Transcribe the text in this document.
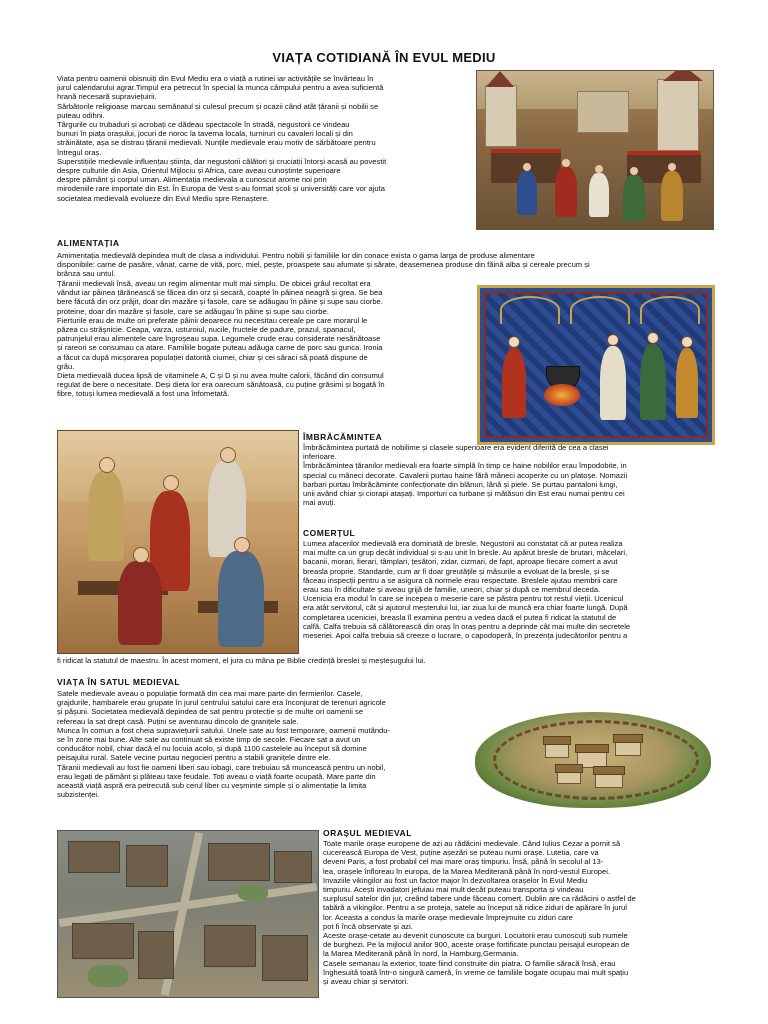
VIAȚA COTIDIANĂ ÎN EVUL MEDIU
Viata pentru oamenii obisnuiți din Evul Mediu era o viață a rutinei iar activitățile se învârteau în
jurul calendarului agrar.Timpul era petrecut în special la munca câmpului pentru a avea suficientă
hrană necesară supraviețuirii.
Sărbătorile religioase marcau semănatul și culesul precum și ocazii când atât țăranii și nobilii se
puteau odihni.
Târgurile cu trubaduri și acrobați ce dădeau spectacole în stradă, negustorii ce vindeau
bunuri în piața orașului, jocuri de noroc la taverna locala, turniruri cu cavaleri locali și din
străinătate, așa se distrau țăranii medievali. Nunțile medievale erau motiv de sărbătoare pentru
întregul oraș.
Superstițiile medievale influențau știința, dar negustorii călători și cruciații întorși acasă au povestit
despre culturile din Asia, Orientul Mijlociu și Africa, care aveau cunoștințe superioare
despre pământ și corpul uman. Alimentația medievala a cunoscut arome noi prin
mirodeniile rare importate din Est. În Europa de Vest s-au format școli și universități care vor ajuta
societatea medievală evolueze din Evul Mediu spre Renaștere.
ALIMENTAȚIA
Amimentația medievală depindea mult de clasa a individului. Pentru nobili și familiile lor din conace exista o gama larga de produse alimentare
disponibile: carne de pasăre, vânat, carne de vită, porc, miel, pește, proaspete sau afumate și sărate, deasemenea produse din făină alba și cereale precum și
brânza sau untul.
Țăranii medievali însă, aveau un regim alimentar mult mai simplu. De obicei grâul recoltat era
vândut iar pâinea țărănească se făcea din orz și secară, coapte în pâinea neagră și grea. Se bea
bere făcută din orz prăjit, doar din mazăre și fasole, care se adăugau în pâine și supe sau ciorbe.
proteine, doar din mazăre și fasole, care se adăugau în pâine și supe sau ciorbe.
Fierturile erau de multe ori preferate pâinii deoarece nu necesitau cereale pe care morarul le
păzea cu străşnicie. Ceapa, varza, usturoiul, nucile, fructele de padure, prazul, spanacul,
patrunjelul erau alimentele care îngroșeau supa. Legumele crude erau considerate nesănătoase
și rareori se consumau ca atare. Familiile bogate puteau adăuga carne de porc sau gunca. Ironia
a făcut ca după micșorarea populației datorită ciumei, chiar și cei săraci să poată dispune de
grâu.
Dieta medievală ducea lipsă de vitaminele A, C și D și nu avea multe calorii, făcând din consumul
regulat de bere o necesitate. Deși dieta lor era oarecum sănătoasă, cu puține grăsimi și bogată în
fibre, totuși lumea medievală a fost una înfometată.
ÎMBRĂCĂMINTEA
Îmbrăcămintea purtată de nobilime și clasele superioare era evident diferită de cea a clasei
inferioare.
Îmbrăcămintea țăranilor medievali era foarte simplă în timp ce haine nobililor erau împodobite, in
special cu mâneci decorate. Cavalerii purtau haine fără mâneci acoperite cu un platoșe. Nomazii
barbari purtau îmbrăcăminte confecționate din blănuri, lână și piele. Se purtau pantaloni lungi,
unii având chiar și ciorapi atașați. Importuri ca turbane și mătăsuri din Est erau numai pentru cei
mai avuți.
COMERȚUL
Lumea afacerilor medievală era dominată de bresle. Negustorii au constatat că ar putea realiza
mai multe ca un grup decât individual și s-au unit în bresle. Au apărut bresle de brutari, măcelari,
bacanii, morari, fierari, tâmplari, țesători, zidar, cizmari, de fapt, aproape fiecare comert a avut
breasla proprie. Standarde, cum ar fi doar greutățile și măsurile a evoluat de la bresle, și se
făceau inspecții pentru a se asigura că normele erau respectate. Breslele ajutau membrii care
erau sau în dificultate și aveau grijă de familie, uneori, chiar și după ce membrul deceda.
Ucenicia era modul în care se incepea o meserie care se păstra pentru tot restul vieții. Ucenicul
era atât servitorul, cât și ajutorul meșterului lui, iar ziua lui de muncă era chiar foarte lungă. După
completarea uceniciei, breasla îl examina pentru a vedea dacă el putea fi ridicat la statutul de
calfă. Calfa trebuia să călătorească din oraș în oraș pentru a deprinde cât mai multe din secretele
meseriei. Apoi calfa trebuia să creeze o lucrare, o capodoperă, în prezența judecătorilor pentru a
fi ridicat la statutul de maestru. În acest moment, el jura cu mâna pe Biblie credință breslei și meșteșugului lui.
VIAȚA ÎN SATUL MEDIEVAL
Satele medievale aveau o populație formată din cea mai mare parte din fermierilor. Casele,
grajdurile, hambarele erau grupate în jurul centrului satului care era înconjurat de terenuri agricole
și pășuni. Societatea medievală depindea de sat pentru protecție și de multe ori oamenii se
refereau la sat drept casă. Puțini se aventurau dincolo de granițele sale.
Munca în comun a fost cheia supraviețuirii satului. Unele sate au fost temporare, oamenii mutându-
se în zone mai bune. Alte sate au continuat să existe timp de secole. Fiecare sat a avut un
conducător nobil, chiar dacă el nu locuia acolo, și după 1100 castelele au început să domine
peisajului rural. Satele vecine purtau negocieri pentru a stabili granițele dintre ele.
Țăranii medievali au fost fie oameni liberi sau iobagi, care trebuiau să muncească pentru un nobil,
erau legați de pământ și plăteau taxe feudale. Toți aveau o viață foarte ocupată. Mare parte din
această viață aspră era petrecută sub cerul liber cu veșminte simple și o alimentație la limita
subzistenței.
ORAȘUL MEDIEVAL
Toate marile orașe europene de azi au rădăcini medievale. Când Iulius Cezar a pornit să
cucerească Europa de Vest, puține așezări se puteau numi orașe. Lutetia, care va
deveni Paris, a fost probabil cel mai mare oraș timpuriu. Însă, până în secolul al 13-
lea, orașele înfloreau în europa, de la Marea Mediterană până în nord-vestul Europei.
Invaziile vikingilor au fost un factor major în dezvoltarea orașelor în Evul Mediu
timpuriu. Acești invadatori jefuiau mai mult decât puteau transporta și vindeau
surplusul satelor din jur, creând tabere unde făceau comerț. Dublin are ca rădăcini o astfel de
tabără a vikingilor. Pentru a se proteja, satele au început să ridice ziduri de apărare în jurul
lor. Aceasta a condus la marile orașe medievale împrejmuite cu ziduri care
pot fi încă observate și azi.
Aceste orașe-cetate au devenit cunoscute ca burguri. Locuitorii erau cunoscuți sub numele
de burghezi. Pe la mijlocul anilor 900, aceste orașe fortificate punctau peisajul european de
la Marea Mediterană până în nord, la Hamburg,Germania.
Casele semanau la exterior, toate fiind construite din piatra. O familie săracă însă, erau
înghesuită toată într-o singură cameră, în vreme ce familiile bogate ocupau mai mult spațiu
și aveau chiar și servitori.
